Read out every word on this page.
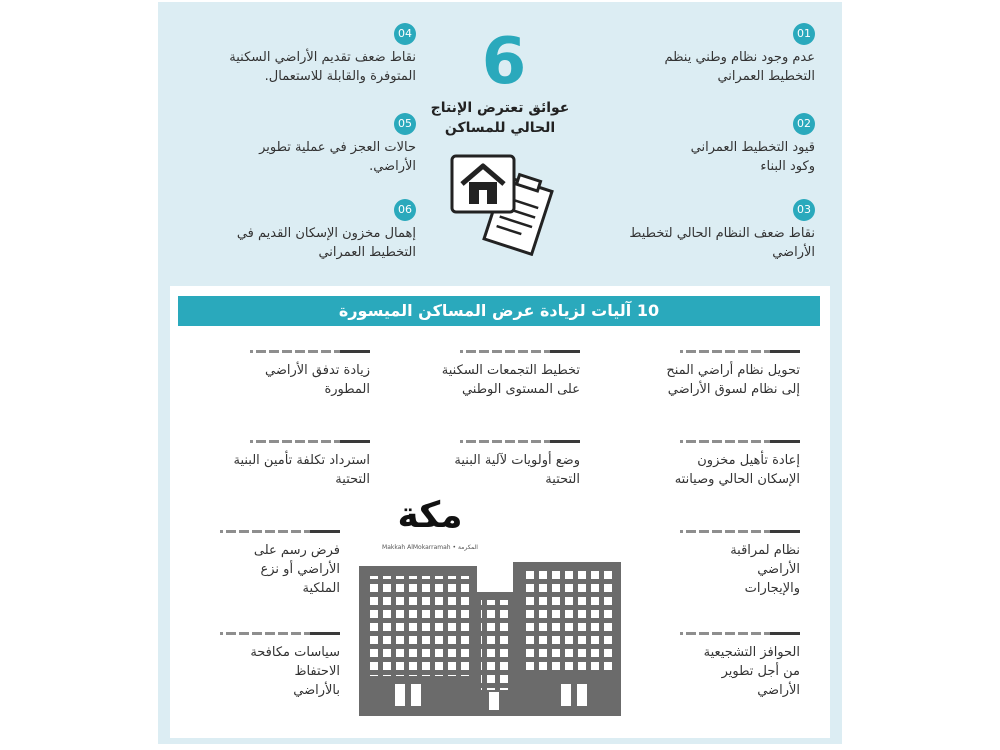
01
عدم وجود نظام وطني ينظم
التخطيط العمراني
02
قيود التخطيط العمراني
وكود البناء
03
نقاط ضعف النظام الحالي لتخطيط
الأراضي
04
نقاط ضعف تقديم الأراضي السكنية
المتوفرة والقابلة للاستعمال.
05
حالات العجز في عملية تطوير
الأراضي.
06
إهمال مخزون الإسكان القديم في
التخطيط العمراني
6
عوائق تعترض الإنتاج
الحالي للمساكن
10 آليات لزيادة عرض المساكن الميسورة
تحويل نظام أراضي المنح
إلى نظام لسوق الأراضي
إعادة تأهيل مخزون
الإسكان الحالي وصيانته
نظام لمراقبة
الأراضي
والإيجارات
الحوافز التشجيعية
من أجل تطوير
الأراضي
تخطيط التجمعات السكنية
على المستوى الوطني
وضع أولويات لآلية البنية
التحتية
زيادة تدفق الأراضي
المطورة
استرداد تكلفة تأمين البنية
التحتية
فرض رسم على
الأراضي أو نزع
الملكية
سياسات مكافحة
الاحتفاظ
بالأراضي
مكة
Makkah AlMokarramah • المكرمة
